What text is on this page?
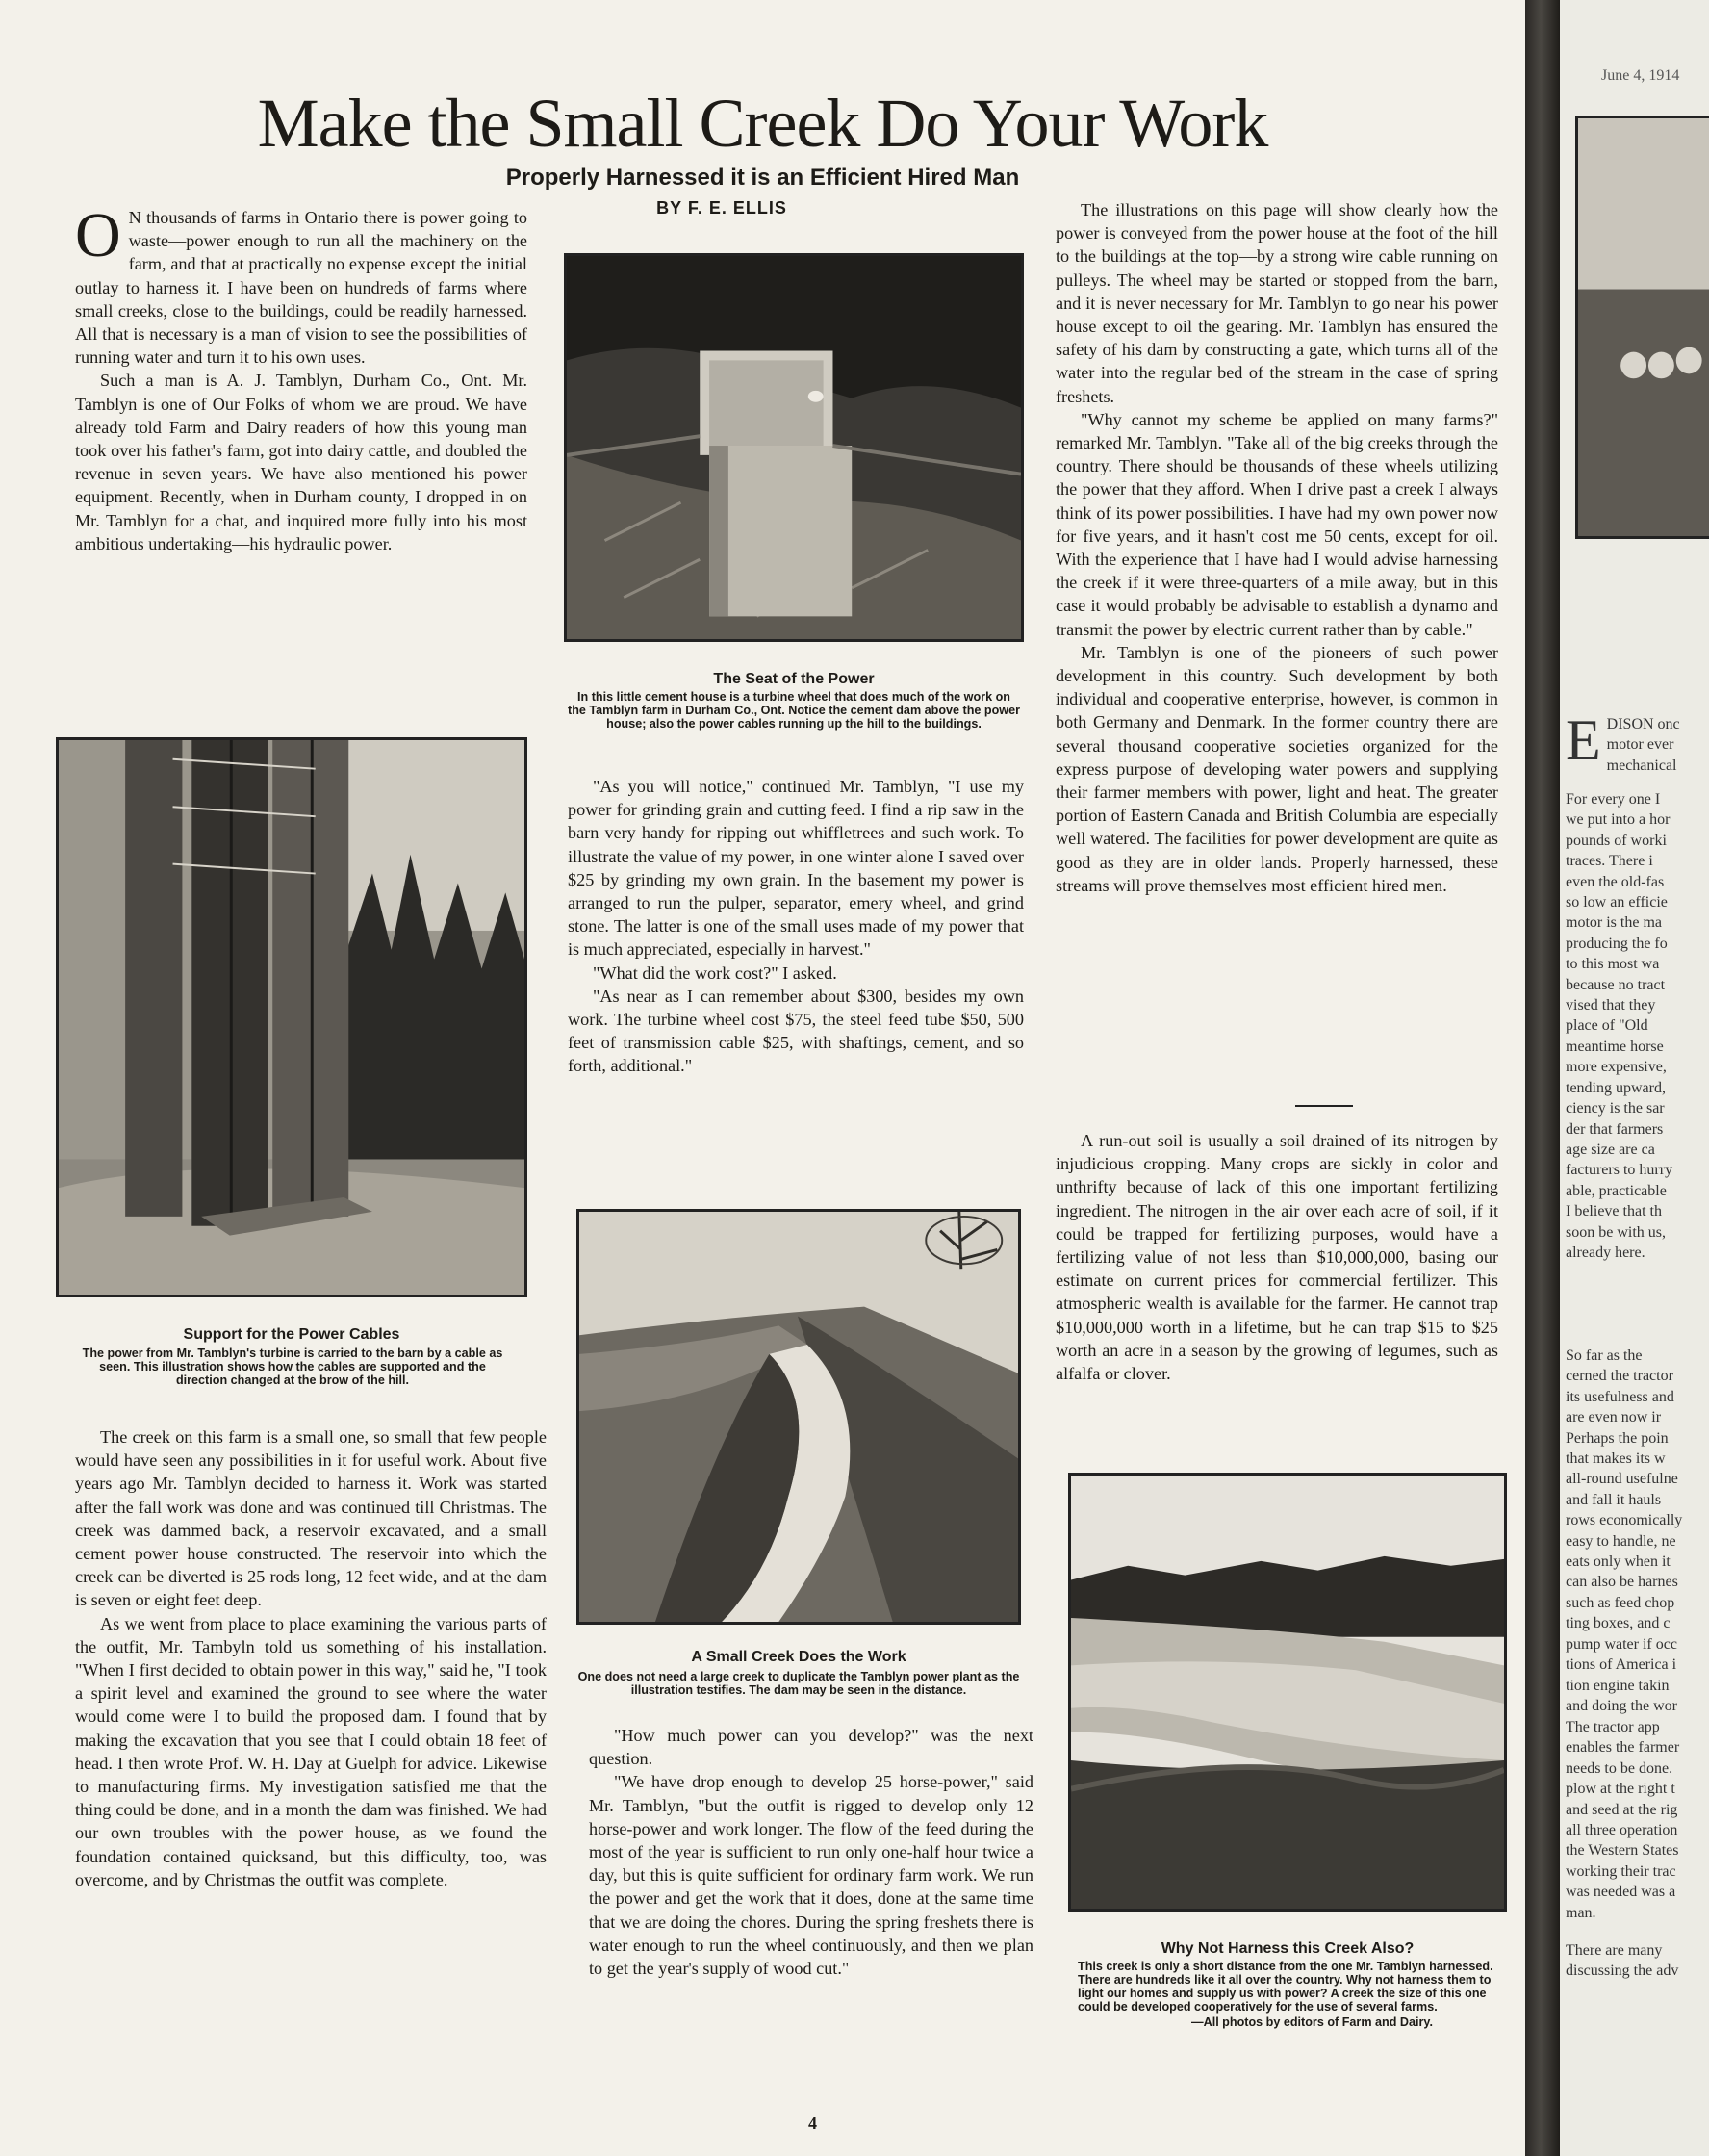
Make the Small Creek Do Your Work
Properly Harnessed it is an Efficient Hired Man
BY F. E. ELLIS

O N thousands of farms in Ontario there is power going to waste—power enough to run all the machinery on the farm, and that at practically no expense except the initial outlay to harness it. I have been on hundreds of farms where small creeks, close to the buildings, could be readily harnessed. All that is necessary is a man of vision to see the possibilities of running water and turn it to his own uses.

Such a man is A. J. Tamblyn, Durham Co., Ont. Mr. Tamblyn is one of Our Folks of whom we are proud. We have already told Farm and Dairy readers of how this young man took over his father's farm, got into dairy cattle, and doubled the revenue in seven years. We have also mentioned his power equipment. Recently, when in Durham county, I dropped in on Mr. Tamblyn for a chat, and inquired more fully into his most ambitious undertaking—his hydraulic power.

Support for the Power Cables
The power from Mr. Tamblyn's turbine is carried to the barn by a cable as seen. This illustration shows how the cables are supported and the direction changed at the brow of the hill.

The creek on this farm is a small one, so small that few people would have seen any possibilities in it for useful work. About five years ago Mr. Tamblyn decided to harness it. Work was started after the fall work was done and was continued till Christmas. The creek was dammed back, a reservoir excavated, and a small cement power house constructed. The reservoir into which the creek can be diverted is 25 rods long, 12 feet wide, and at the dam is seven or eight feet deep.

As we went from place to place examining the various parts of the outfit, Mr. Tambyln told us something of his installation. "When I first decided to obtain power in this way," said he, "I took a spirit level and examined the ground to see where the water would come were I to build the proposed dam. I found that by making the excavation that you see that I could obtain 18 feet of head. I then wrote Prof. W. H. Day at Guelph for advice. Likewise to manufacturing firms. My investigation satisfied me that the thing could be done, and in a month the dam was finished. We had our own troubles with the power house, as we found the foundation contained quicksand, but this difficulty, too, was overcome, and by Christmas the outfit was complete.

The Seat of the Power
In this little cement house is a turbine wheel that does much of the work on the Tamblyn farm in Durham Co., Ont. Notice the cement dam above the power house; also the power cables running up the hill to the buildings.

"As you will notice," continued Mr. Tamblyn, "I use my power for grinding grain and cutting feed. I find a rip saw in the barn very handy for ripping out whiffletrees and such work. To illustrate the value of my power, in one winter alone I saved over $25 by grinding my own grain. In the basement my power is arranged to run the pulper, separator, emery wheel, and grind stone. The latter is one of the small uses made of my power that is much appreciated, especially in harvest."

"What did the work cost?" I asked.

"As near as I can remember about $300, besides my own work. The turbine wheel cost $75, the steel feed tube $50, 500 feet of transmission cable $25, with shaftings, cement, and so forth, additional."

A Small Creek Does the Work
One does not need a large creek to duplicate the Tamblyn power plant as the illustration testifies. The dam may be seen in the distance.

"How much power can you develop?" was the next question.

"We have drop enough to develop 25 horse-power," said Mr. Tamblyn, "but the outfit is rigged to develop only 12 horse-power and work longer. The flow of the feed during the most of the year is sufficient to run only one-half hour twice a day, but this is quite sufficient for ordinary farm work. We run the power and get the work that it does, done at the same time that we are doing the chores. During the spring freshets there is water enough to run the wheel continuously, and then we plan to get the year's supply of wood cut."

The illustrations on this page will show clearly how the power is conveyed from the power house at the foot of the hill to the buildings at the top—by a strong wire cable running on pulleys. The wheel may be started or stopped from the barn, and it is never necessary for Mr. Tamblyn to go near his power house except to oil the gearing. Mr. Tamblyn has ensured the safety of his dam by constructing a gate, which turns all of the water into the regular bed of the stream in the case of spring freshets.

"Why cannot my scheme be applied on many farms?" remarked Mr. Tamblyn. "Take all of the big creeks through the country. There should be thousands of these wheels utilizing the power that they afford. When I drive past a creek I always think of its power possibilities. I have had my own power now for five years, and it hasn't cost me 50 cents, except for oil. With the experience that I have had I would advise harnessing the creek if it were three-quarters of a mile away, but in this case it would probably be advisable to establish a dynamo and transmit the power by electric current rather than by cable."

Mr. Tamblyn is one of the pioneers of such power development in this country. Such development by both individual and cooperative enterprise, however, is common in both Germany and Denmark. In the former country there are several thousand cooperative societies organized for the express purpose of developing water powers and supplying their farmer members with power, light and heat. The greater portion of Eastern Canada and British Columbia are especially well watered. The facilities for power development are quite as good as they are in older lands. Properly harnessed, these streams will prove themselves most efficient hired men.

A run-out soil is usually a soil drained of its nitrogen by injudicious cropping. Many crops are sickly in color and unthrifty because of lack of this one important fertilizing ingredient. The nitrogen in the air over each acre of soil, if it could be trapped for fertilizing purposes, would have a fertilizing value of not less than $10,000,000, basing our estimate on current prices for commercial fertilizer. This atmospheric wealth is available for the farmer. He cannot trap $10,000,000 worth in a lifetime, but he can trap $15 to $25 worth an acre in a season by the growing of legumes, such as alfalfa or clover.

Why Not Harness this Creek Also?
This creek is only a short distance from the one Mr. Tamblyn harnessed. There are hundreds like it all over the country. Why not harness them to light our homes and supply us with power? A creek the size of this one could be developed cooperatively for the use of several farms.
—All photos by editors of Farm and Dairy.
4
June 4, 1914
E DISON onc

motor ever

mechanical

For every one I

we put into a hor

pounds of worki

traces. There i

even the old-fas

so low an efficie

motor is the ma

producing the fo

to this most wa

because no tract

vised that they

place of "Old

meantime horse

more expensive,

tending upward,

ciency is the sar

der that farmers

age size are ca

facturers to hurry

able, practicable

I believe that th

soon be with us,

already here.

So far as the

cerned the tractor

its usefulness and

are even now ir

Perhaps the poin

that makes its w

all-round usefulne

and fall it hauls

rows economically

easy to handle, ne

eats only when it

can also be harnes

such as feed chop

ting boxes, and c

pump water if occ

tions of America i

tion engine takin

and doing the wor

The tractor app

enables the farmer

needs to be done.

plow at the right t

and seed at the rig

all three operation

the Western States

working their trac

was needed was a

man.

There are many

discussing the adv
